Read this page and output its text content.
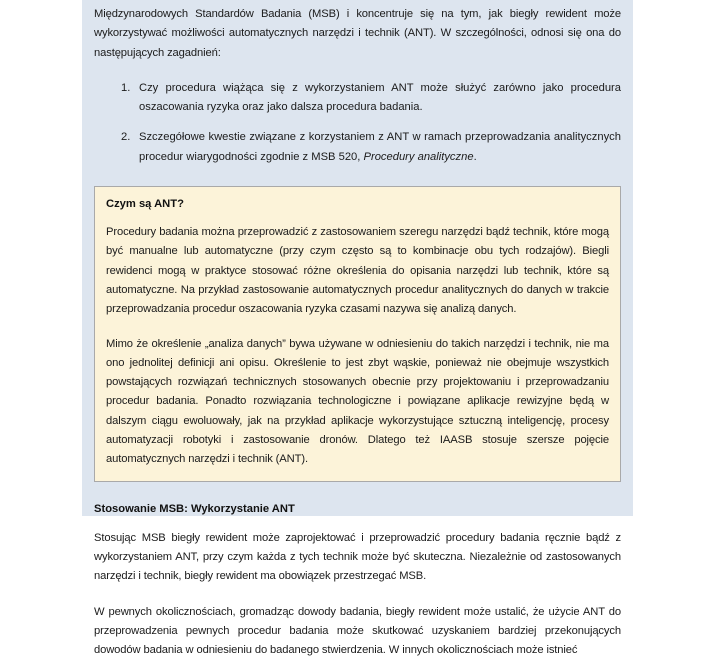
Międzynarodowych Standardów Badania (MSB) i koncentruje się na tym, jak biegły rewident może wykorzystywać możliwości automatycznych narzędzi i technik (ANT). W szczególności, odnosi się ona do następujących zagadnień:

1. Czy procedura wiążąca się z wykorzystaniem ANT może służyć zarówno jako procedura oszacowania ryzyka oraz jako dalsza procedura badania.
2. Szczegółowe kwestie związane z korzystaniem z ANT w ramach przeprowadzania analitycznych procedur wiarygodności zgodnie z MSB 520, Procedury analityczne.
Czym są ANT?

Procedury badania można przeprowadzić z zastosowaniem szeregu narzędzi bądź technik, które mogą być manualne lub automatyczne (przy czym często są to kombinacje obu tych rodzajów). Biegli rewidenci mogą w praktyce stosować różne określenia do opisania narzędzi lub technik, które są automatyczne. Na przykład zastosowanie automatycznych procedur analitycznych do danych w trakcie przeprowadzania procedur oszacowania ryzyka czasami nazywa się analizą danych.

Mimo że określenie „analiza danych” bywa używane w odniesieniu do takich narzędzi i technik, nie ma ono jednolitej definicji ani opisu. Określenie to jest zbyt wąskie, ponieważ nie obejmuje wszystkich powstających rozwiązań technicznych stosowanych obecnie przy projektowaniu i przeprowadzaniu procedur badania. Ponadto rozwiązania technologiczne i powiązane aplikacje rewizyjne będą w dalszym ciągu ewoluowały, jak na przykład aplikacje wykorzystujące sztuczną inteligencję, procesy automatyzacji robotyki i zastosowanie dronów. Dlatego też IAASB stosuje szersze pojęcie automatycznych narzędzi i technik (ANT).

Stosowanie MSB: Wykorzystanie ANT

Stosując MSB biegły rewident może zaprojektować i przeprowadzić procedury badania ręcznie bądź z wykorzystaniem ANT, przy czym każda z tych technik może być skuteczna. Niezależnie od zastosowanych narzędzi i technik, biegły rewident ma obowiązek przestrzegać MSB.

W pewnych okolicznościach, gromadząc dowody badania, biegły rewident może ustalić, że użycie ANT do przeprowadzenia pewnych procedur badania może skutkować uzyskaniem bardziej przekonujących dowodów badania w odniesieniu do badanego stwierdzenia. W innych okolicznościach może istnieć
